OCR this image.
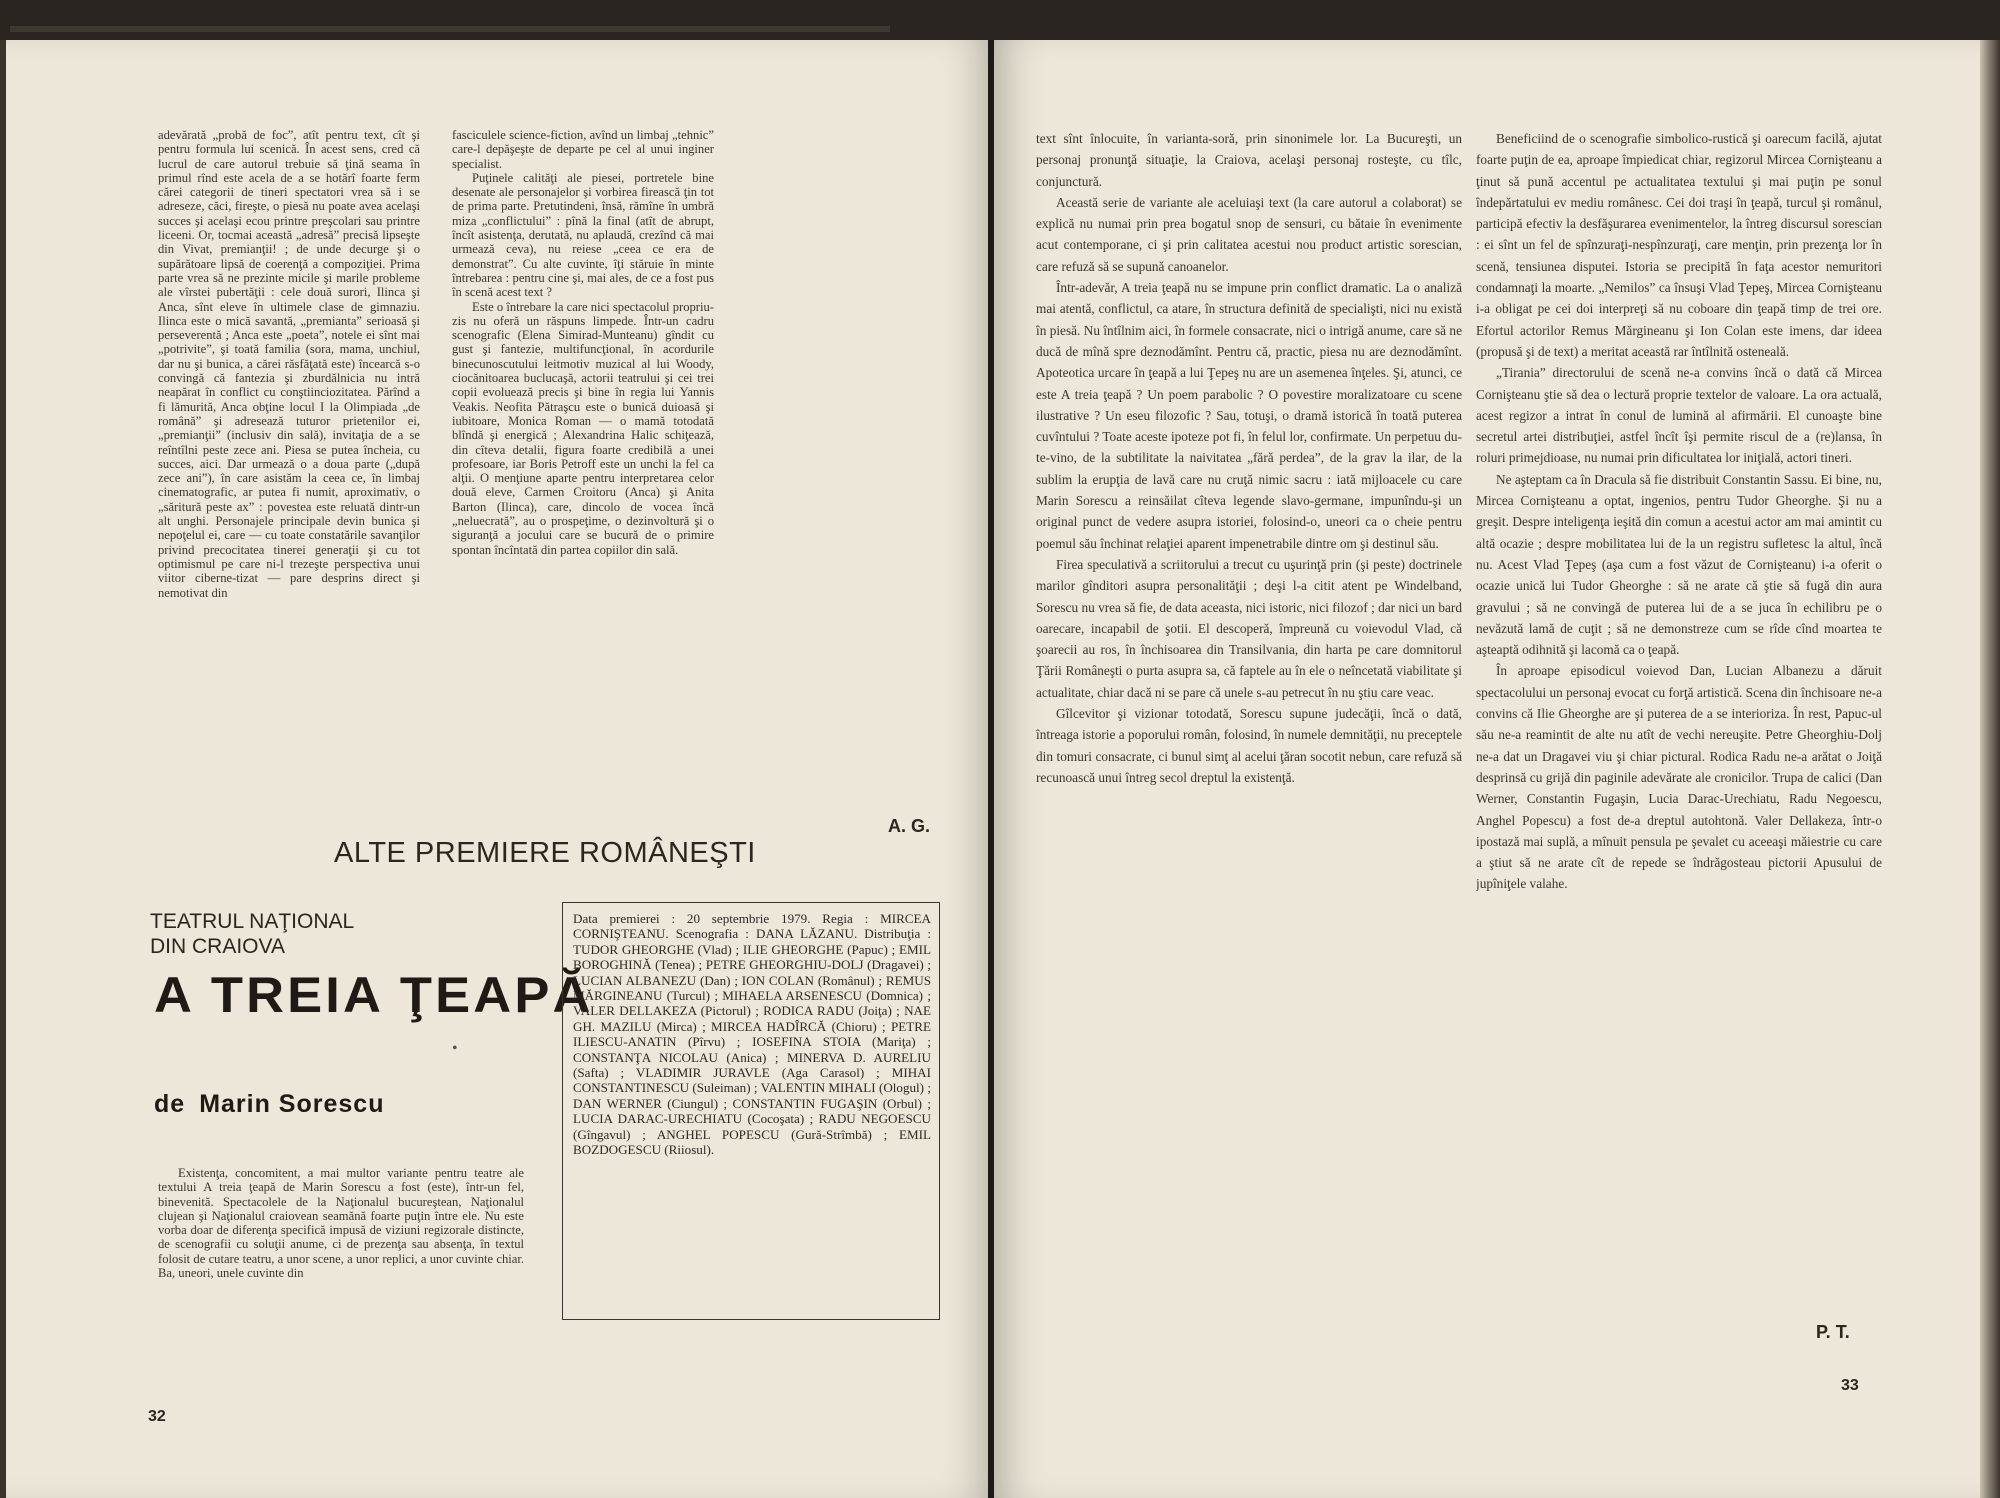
adevărată „probă de foc”, atît pentru text, cît şi pentru formula lui scenică. În acest sens, cred că lucrul de care autorul trebuie să ţină seama în primul rînd este acela de a se hotărî foarte ferm cărei categorii de tineri spectatori vrea să i se adreseze, căci, fireşte, o piesă nu poate avea acelaşi succes şi acelaşi ecou printre preşcolari sau printre liceeni. Or, tocmai această „adresă” precisă lipseşte din Vivat, premianţii! ; de unde decurge şi o supărătoare lipsă de coerenţă a compoziţiei. Prima parte vrea să ne prezinte micile şi marile probleme ale vîrstei pubertăţii : cele două surori, Ilinca şi Anca, sînt eleve în ultimele clase de gimnaziu. Ilinca este o mică savantă, „premianta” serioasă şi perseverentă ; Anca este „poeta”, notele ei sînt mai „potrivite”, şi toată familia (sora, mama, unchiul, dar nu şi bunica, a cărei răsfăţată este) încearcă s-o convingă că fantezia şi zburdălnicia nu intră neapărat în conflict cu conştiinciozitatea. Părînd a fi lămurită, Anca obţine locul I la Olimpiada „de română” şi adresează tuturor prietenilor ei, „premianţii” (inclusiv din sală), invitaţia de a se reîntîlni peste zece ani. Piesa se putea încheia, cu succes, aici. Dar urmează o a doua parte („după zece ani”), în care asistăm la ceea ce, în limbaj cinematografic, ar putea fi numit, aproximativ, o „săritură peste ax” : povestea este reluată dintr-un alt unghi. Personajele principale devin bunica şi nepoţelul ei, care — cu toate constatările savanţilor privind precocitatea tinerei generaţii şi cu tot optimismul pe care ni-l trezeşte perspectiva unui viitor ciberne-tizat — pare desprins direct şi nemotivat din

fasciculele science-fiction, avînd un limbaj „tehnic” care-l depăşeşte de departe pe cel al unui inginer specialist.

Puţinele calităţi ale piesei, portretele bine desenate ale personajelor şi vorbirea firească ţin tot de prima parte. Pretutindeni, însă, rămîne în umbră miza „conflictului” : pînă la final (atît de abrupt, încît asistenţa, derutată, nu aplaudă, crezînd că mai urmează ceva), nu reiese „ceea ce era de demonstrat”. Cu alte cuvinte, îţi stăruie în minte întrebarea : pentru cine şi, mai ales, de ce a fost pus în scenă acest text ?

Este o întrebare la care nici spectacolul propriu-zis nu oferă un răspuns limpede. Într-un cadru scenografic (Elena Simirad-Munteanu) gîndit cu gust şi fantezie, multifuncţional, în acordurile binecunoscutului leitmotiv muzical al lui Woody, ciocănitoarea buclucaşă, actorii teatrului şi cei trei copii evoluează precis şi bine în regia lui Yannis Veakis. Neofita Pătraşcu este o bunică duioasă şi iubitoare, Monica Roman — o mamă totodată blîndă şi energică ; Alexandrina Halic schiţează, din cîteva detalii, figura foarte credibilă a unei profesoare, iar Boris Petroff este un unchi la fel ca alţii. O menţiune aparte pentru interpretarea celor două eleve, Carmen Croitoru (Anca) şi Anita Barton (Ilinca), care, dincolo de vocea încă „neluecrată”, au o prospeţime, o dezinvoltură şi o siguranţă a jocului care se bucură de o primire spontan încîntată din partea copiilor din sală.

A. G.
ALTE PREMIERE ROMÂNEŞTI
TEATRUL NAŢIONAL
DIN CRAIOVA
A TREIA ŢEAPĂ
de Marin Sorescu
•

Existenţa, concomitent, a mai multor variante pentru teatre ale textului A treia ţeapă de Marin Sorescu a fost (este), într-un fel, binevenită. Spectacolele de la Naţionalul bucureştean, Naţionalul clujean şi Naţionalul craiovean seamănă foarte puţin între ele. Nu este vorba doar de diferenţa specifică impusă de viziuni regizorale distincte, de scenografii cu soluţii anume, ci de prezenţa sau absenţa, în textul folosit de cutare teatru, a unor scene, a unor replici, a unor cuvinte chiar. Ba, uneori, unele cuvinte din

Data premierei : 20 septembrie 1979. Regia : MIRCEA CORNIŞTEANU. Scenografia : DANA LĂZANU. Distribuţia : TUDOR GHEORGHE (Vlad) ; ILIE GHEORGHE (Papuc) ; EMIL BOROGHINĂ (Tenea) ; PETRE GHEORGHIU-DOLJ (Dragavei) ; LUCIAN ALBANEZU (Dan) ; ION COLAN (Românul) ; REMUS MĂRGINEANU (Turcul) ; MIHAELA ARSENESCU (Domnica) ; VALER DELLAKEZA (Pictorul) ; RODICA RADU (Joiţa) ; NAE GH. MAZILU (Mirca) ; MIRCEA HADÎRCĂ (Chioru) ; PETRE ILIESCU-ANATIN (Pîrvu) ; IOSEFINA STOIA (Mariţa) ; CONSTANŢA NICOLAU (Anica) ; MINERVA D. AURELIU (Safta) ; VLADIMIR JURAVLE (Aga Carasol) ; MIHAI CONSTANTINESCU (Suleiman) ; VALENTIN MIHALI (Ologul) ; DAN WERNER (Ciungul) ; CONSTANTIN FUGAŞIN (Orbul) ; LUCIA DARAC-URECHIATU (Cocoşata) ; RADU NEGOESCU (Gîngavul) ; ANGHEL POPESCU (Gură-Strîmbă) ; EMIL BOZDOGESCU (Riiosul).
32

text sînt înlocuite, în varianta-soră, prin sinonimele lor. La Bucureşti, un personaj pronunţă situaţie, la Craiova, acelaşi personaj rosteşte, cu tîlc, conjunctură.

Această serie de variante ale aceluiaşi text (la care autorul a colaborat) se explică nu numai prin prea bogatul snop de sensuri, cu bătaie în evenimente acut contemporane, ci şi prin calitatea acestui nou product artistic sorescian, care refuză să se supună canoanelor.

Într-adevăr, A treia ţeapă nu se impune prin conflict dramatic. La o analiză mai atentă, conflictul, ca atare, în structura definită de specialişti, nici nu există în piesă. Nu întîlnim aici, în formele consacrate, nici o intrigă anume, care să ne ducă de mînă spre deznodămînt. Pentru că, practic, piesa nu are deznodămînt. Apoteotica urcare în ţeapă a lui Ţepeş nu are un asemenea înţeles. Şi, atunci, ce este A treia ţeapă ? Un poem parabolic ? O povestire moralizatoare cu scene ilustrative ? Un eseu filozofic ? Sau, totuşi, o dramă istorică în toată puterea cuvîntului ? Toate aceste ipoteze pot fi, în felul lor, confirmate. Un perpetuu du-te-vino, de la subtilitate la naivitatea „fără perdea”, de la grav la ilar, de la sublim la erupţia de lavă care nu cruţă nimic sacru : iată mijloacele cu care Marin Sorescu a reinsăilat cîteva legende slavo-germane, impunîndu-şi un original punct de vedere asupra istoriei, folosind-o, uneori ca o cheie pentru poemul său închinat relaţiei aparent impenetrabile dintre om şi destinul său.

Firea speculativă a scriitorului a trecut cu uşurinţă prin (şi peste) doctrinele marilor gînditori asupra personalităţii ; deşi l-a citit atent pe Windelband, Sorescu nu vrea să fie, de data aceasta, nici istoric, nici filozof ; dar nici un bard oarecare, incapabil de şotii. El descoperă, împreună cu voievodul Vlad, că şoarecii au ros, în închisoarea din Transilvania, din harta pe care domnitorul Ţării Româneşti o purta asupra sa, că faptele au în ele o neîncetată viabilitate şi actualitate, chiar dacă ni se pare că unele s-au petrecut în nu ştiu care veac.

Gîlcevitor şi vizionar totodată, Sorescu supune judecăţii, încă o dată, întreaga istorie a poporului român, folosind, în numele demnităţii, nu preceptele din tomuri consacrate, ci bunul simţ al acelui ţăran socotit nebun, care refuză să recunoască unui întreg secol dreptul la existenţă.

Beneficiind de o scenografie simbolico-rustică şi oarecum facilă, ajutat foarte puţin de ea, aproape împiedicat chiar, regizorul Mircea Cornişteanu a ţinut să pună accentul pe actualitatea textului şi mai puţin pe sonul îndepărtatului ev mediu românesc. Cei doi traşi în ţeapă, turcul şi românul, participă efectiv la desfăşurarea evenimentelor, la întreg discursul sorescian : ei sînt un fel de spînzuraţi-nespînzuraţi, care menţin, prin prezenţa lor în scenă, tensiunea disputei. Istoria se precipită în faţa acestor nemuritori condamnaţi la moarte. „Nemilos” ca însuşi Vlad Ţepeş, Mircea Cornişteanu i-a obligat pe cei doi interpreţi să nu coboare din ţeapă timp de trei ore. Efortul actorilor Remus Mărgineanu şi Ion Colan este imens, dar ideea (propusă şi de text) a meritat această rar întîlnită osteneală.

„Tirania” directorului de scenă ne-a convins încă o dată că Mircea Cornişteanu ştie să dea o lectură proprie textelor de valoare. La ora actuală, acest regizor a intrat în conul de lumină al afirmării. El cunoaşte bine secretul artei distribuţiei, astfel încît îşi permite riscul de a (re)lansa, în roluri primejdioase, nu numai prin dificultatea lor iniţială, actori tineri.

Ne aşteptam ca în Dracula să fie distribuit Constantin Sassu. Ei bine, nu, Mircea Cornişteanu a optat, ingenios, pentru Tudor Gheorghe. Şi nu a greşit. Despre inteligenţa ieşită din comun a acestui actor am mai amintit cu altă ocazie ; despre mobilitatea lui de la un registru sufletesc la altul, încă nu. Acest Vlad Ţepeş (aşa cum a fost văzut de Cornişteanu) i-a oferit o ocazie unică lui Tudor Gheorghe : să ne arate că ştie să fugă din aura gravului ; să ne convingă de puterea lui de a se juca în echilibru pe o nevăzută lamă de cuţit ; să ne demonstreze cum se rîde cînd moartea te aşteaptă odihnită şi lacomă ca o ţeapă.

În aproape episodicul voievod Dan, Lucian Albanezu a dăruit spectacolului un personaj evocat cu forţă artistică. Scena din închisoare ne-a convins că Ilie Gheorghe are şi puterea de a se interioriza. În rest, Papuc-ul său ne-a reamintit de alte nu atît de vechi nereuşite. Petre Gheorghiu-Dolj ne-a dat un Dragavei viu şi chiar pictural. Rodica Radu ne-a arătat o Joiţă desprinsă cu grijă din paginile adevărate ale cronicilor. Trupa de calici (Dan Werner, Constantin Fugaşin, Lucia Darac-Urechiatu, Radu Negoescu, Anghel Popescu) a fost de-a dreptul autohtonă. Valer Dellakeza, într-o ipostază mai suplă, a mînuit pensula pe şevalet cu aceeaşi măiestrie cu care a ştiut să ne arate cît de repede se îndrăgosteau pictorii Apusului de jupîniţele valahe.

P. T.
33
